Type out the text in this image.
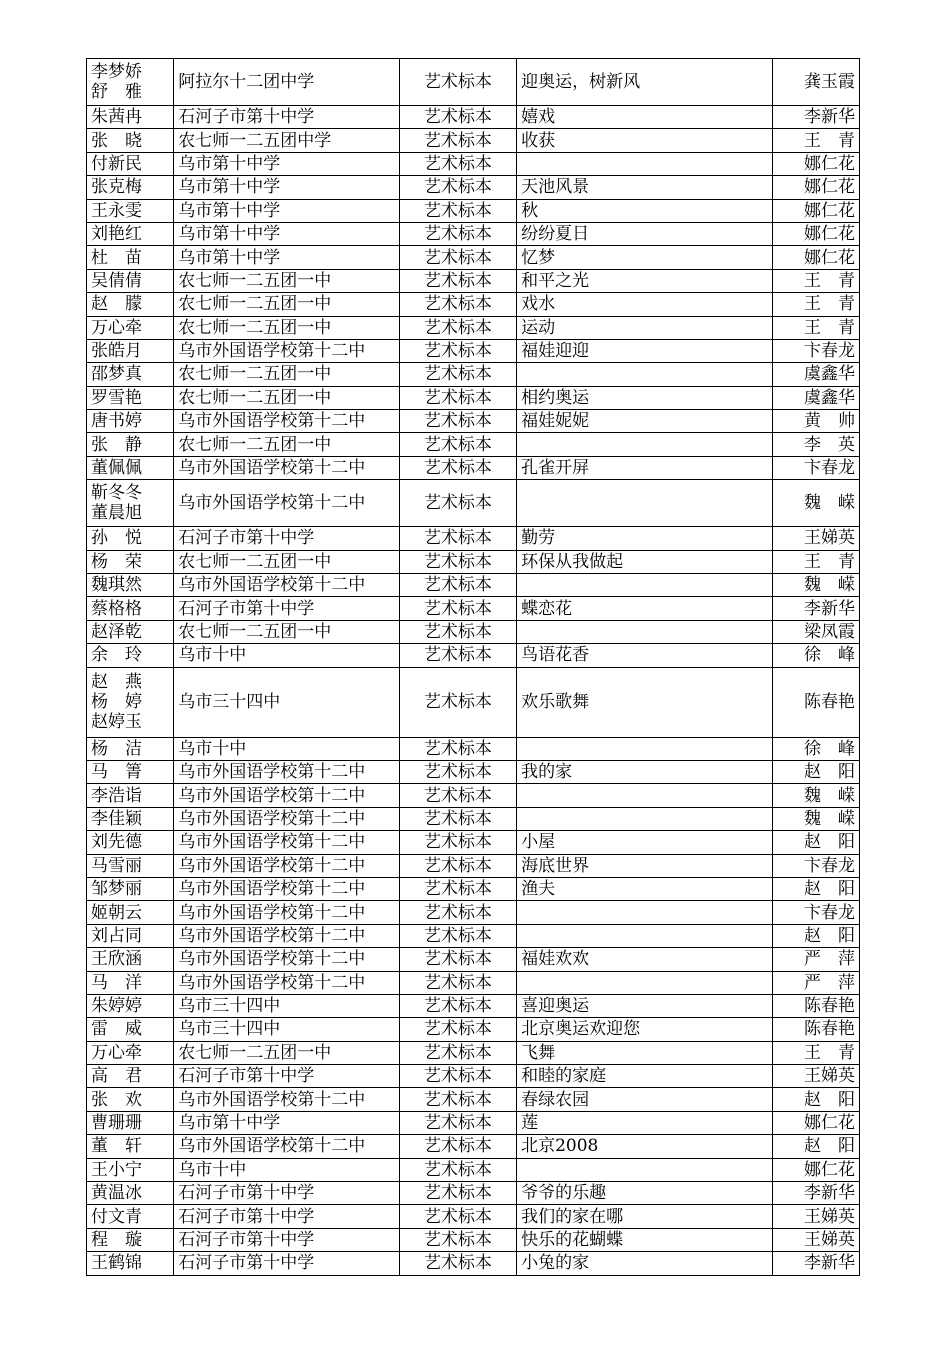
李梦娇
舒　雅	阿拉尔十二团中学	艺术标本	迎奥运，树新风	龚玉霞

朱茜冉	石河子市第十中学	艺术标本	嬉戏	李新华

张　晓	农七师一二五团中学	艺术标本	收获	王　青

付新民	乌市第十中学	艺术标本		娜仁花

张克梅	乌市第十中学	艺术标本	天池风景	娜仁花

王永雯	乌市第十中学	艺术标本	秋	娜仁花

刘艳红	乌市第十中学	艺术标本	纷纷夏日	娜仁花

杜　苗	乌市第十中学	艺术标本	忆梦	娜仁花

吴倩倩	农七师一二五团一中	艺术标本	和平之光	王　青

赵　朦	农七师一二五团一中	艺术标本	戏水	王　青

万心牵	农七师一二五团一中	艺术标本	运动	王　青

张皓月	乌市外国语学校第十二中	艺术标本	福娃迎迎	卞春龙

邵梦真	农七师一二五团一中	艺术标本		虞鑫华

罗雪艳	农七师一二五团一中	艺术标本	相约奥运	虞鑫华

唐书婷	乌市外国语学校第十二中	艺术标本	福娃妮妮	黄　帅

张　静	农七师一二五团一中	艺术标本		李　英

董佩佩	乌市外国语学校第十二中	艺术标本	孔雀开屏	卞春龙

靳冬冬
董晨旭	乌市外国语学校第十二中	艺术标本		魏　嵘

孙　悦	石河子市第十中学	艺术标本	勤劳	王娣英

杨　荣	农七师一二五团一中	艺术标本	环保从我做起	王　青

魏琪然	乌市外国语学校第十二中	艺术标本		魏　嵘

蔡格格	石河子市第十中学	艺术标本	蝶恋花	李新华

赵泽乾	农七师一二五团一中	艺术标本		梁凤霞

余　玲	乌市十中	艺术标本	鸟语花香	徐　峰

赵　燕
杨　婷
赵婷玉	乌市三十四中	艺术标本	欢乐歌舞	陈春艳

杨　洁	乌市十中	艺术标本		徐　峰

马　箐	乌市外国语学校第十二中	艺术标本	我的家	赵　阳

李浩诣	乌市外国语学校第十二中	艺术标本		魏　嵘

李佳颖	乌市外国语学校第十二中	艺术标本		魏　嵘

刘先德	乌市外国语学校第十二中	艺术标本	小屋	赵　阳

马雪丽	乌市外国语学校第十二中	艺术标本	海底世界	卞春龙

邹梦丽	乌市外国语学校第十二中	艺术标本	渔夫	赵　阳

姬朝云	乌市外国语学校第十二中	艺术标本		卞春龙

刘占同	乌市外国语学校第十二中	艺术标本		赵　阳

王欣涵	乌市外国语学校第十二中	艺术标本	福娃欢欢	严　萍

马　洋	乌市外国语学校第十二中	艺术标本		严　萍

朱婷婷	乌市三十四中	艺术标本	喜迎奥运	陈春艳

雷　威	乌市三十四中	艺术标本	北京奥运欢迎您	陈春艳

万心牵	农七师一二五团一中	艺术标本	飞舞	王　青

高　君	石河子市第十中学	艺术标本	和睦的家庭	王娣英

张　欢	乌市外国语学校第十二中	艺术标本	春绿农园	赵　阳

曹珊珊	乌市第十中学	艺术标本	莲	娜仁花

董　轩	乌市外国语学校第十二中	艺术标本	北京2008	赵　阳

王小宁	乌市十中	艺术标本		娜仁花

黄温冰	石河子市第十中学	艺术标本	爷爷的乐趣	李新华

付文青	石河子市第十中学	艺术标本	我们的家在哪	王娣英

程　璇	石河子市第十中学	艺术标本	快乐的花蝴蝶	王娣英

王鹤锦	石河子市第十中学	艺术标本	小兔的家	李新华
